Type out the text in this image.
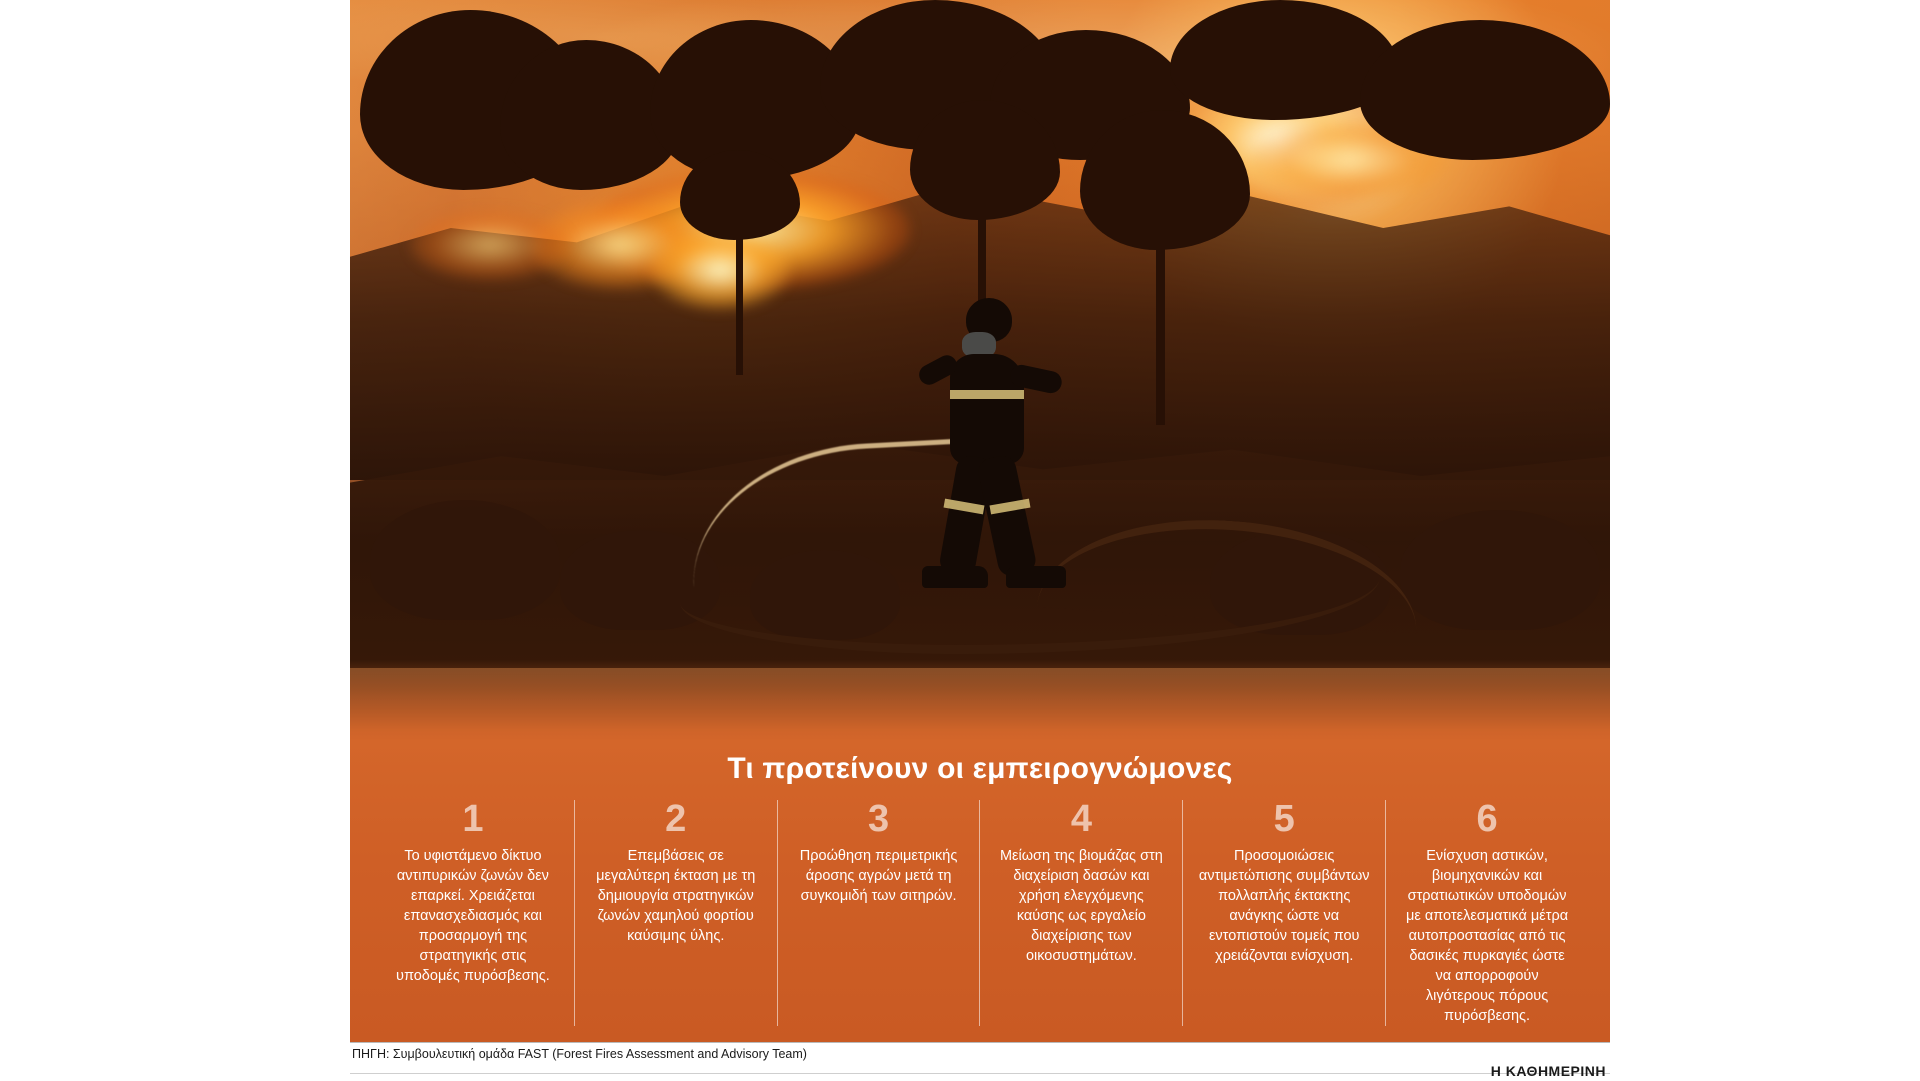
Τι προτείνουν οι εμπειρογνώμονες
1
Το υφιστάμενο δίκτυο αντιπυρικών ζωνών δεν επαρκεί. Χρειάζεται επανασχεδιασμός και προσαρμογή της στρατηγικής στις υποδομές πυρόσβεσης.
2
Επεμβάσεις σε μεγαλύτερη έκταση με τη δημιουργία στρατηγικών ζωνών χαμηλού φορτίου καύσιμης ύλης.
3
Προώθηση περιμετρικής άροσης αγρών μετά τη συγκομιδή των σιτηρών.
4
Μείωση της βιομάζας στη διαχείριση δασών και χρήση ελεγχόμενης καύσης ως εργαλείο διαχείρισης των οικοσυστημάτων.
5
Προσομοιώσεις αντιμετώπισης συμβάντων πολλαπλής έκτακτης ανάγκης ώστε να εντοπιστούν τομείς που χρειάζονται ενίσχυση.
6
Ενίσχυση αστικών, βιομηχανικών και στρατιωτικών υποδομών με αποτελεσματικά μέτρα αυτοπροστασίας από τις δασικές πυρκαγιές ώστε να απορροφούν λιγότερους πόρους πυρόσβεσης.
ΠΗΓΗ: Συμβουλευτική ομάδα FAST (Forest Fires Assessment and Advisory Team)
Η ΚΑΘΗΜΕΡΙΝΗ
